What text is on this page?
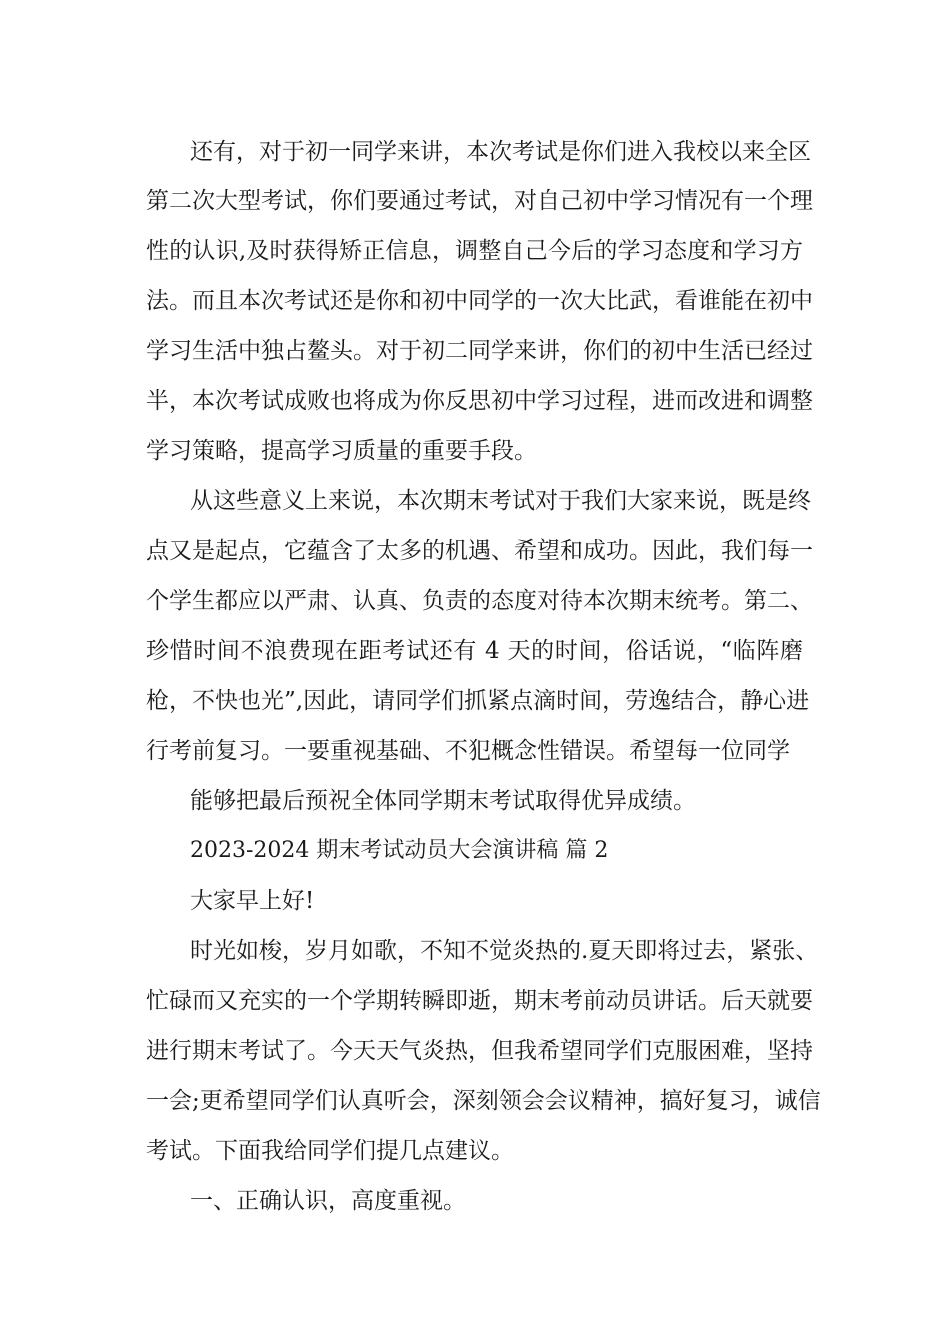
还有，对于初一同学来讲，本次考试是你们进入我校以来全区
第二次大型考试，你们要通过考试，对自己初中学习情况有一个理
性的认识,及时获得矫正信息，调整自己今后的学习态度和学习方
法。而且本次考试还是你和初中同学的一次大比武，看谁能在初中
学习生活中独占鳌头。对于初二同学来讲，你们的初中生活已经过
半，本次考试成败也将成为你反思初中学习过程，进而改进和调整
学习策略，提高学习质量的重要手段。
从这些意义上来说，本次期末考试对于我们大家来说，既是终
点又是起点，它蕴含了太多的机遇、希望和成功。因此，我们每一
个学生都应以严肃、认真、负责的态度对待本次期末统考。第二、
珍惜时间不浪费现在距考试还有 4 天的时间，俗话说，“临阵磨
枪，不快也光”,因此，请同学们抓紧点滴时间，劳逸结合，静心进
行考前复习。一要重视基础、不犯概念性错误。希望每一位同学
能够把最后预祝全体同学期末考试取得优异成绩。
2023-2024 期末考试动员大会演讲稿 篇 2
大家早上好!
时光如梭，岁月如歌，不知不觉炎热的.夏天即将过去，紧张、
忙碌而又充实的一个学期转瞬即逝，期末考前动员讲话。后天就要
进行期末考试了。今天天气炎热，但我希望同学们克服困难，坚持
一会;更希望同学们认真听会，深刻领会会议精神，搞好复习，诚信
考试。下面我给同学们提几点建议。
一、正确认识，高度重视。
